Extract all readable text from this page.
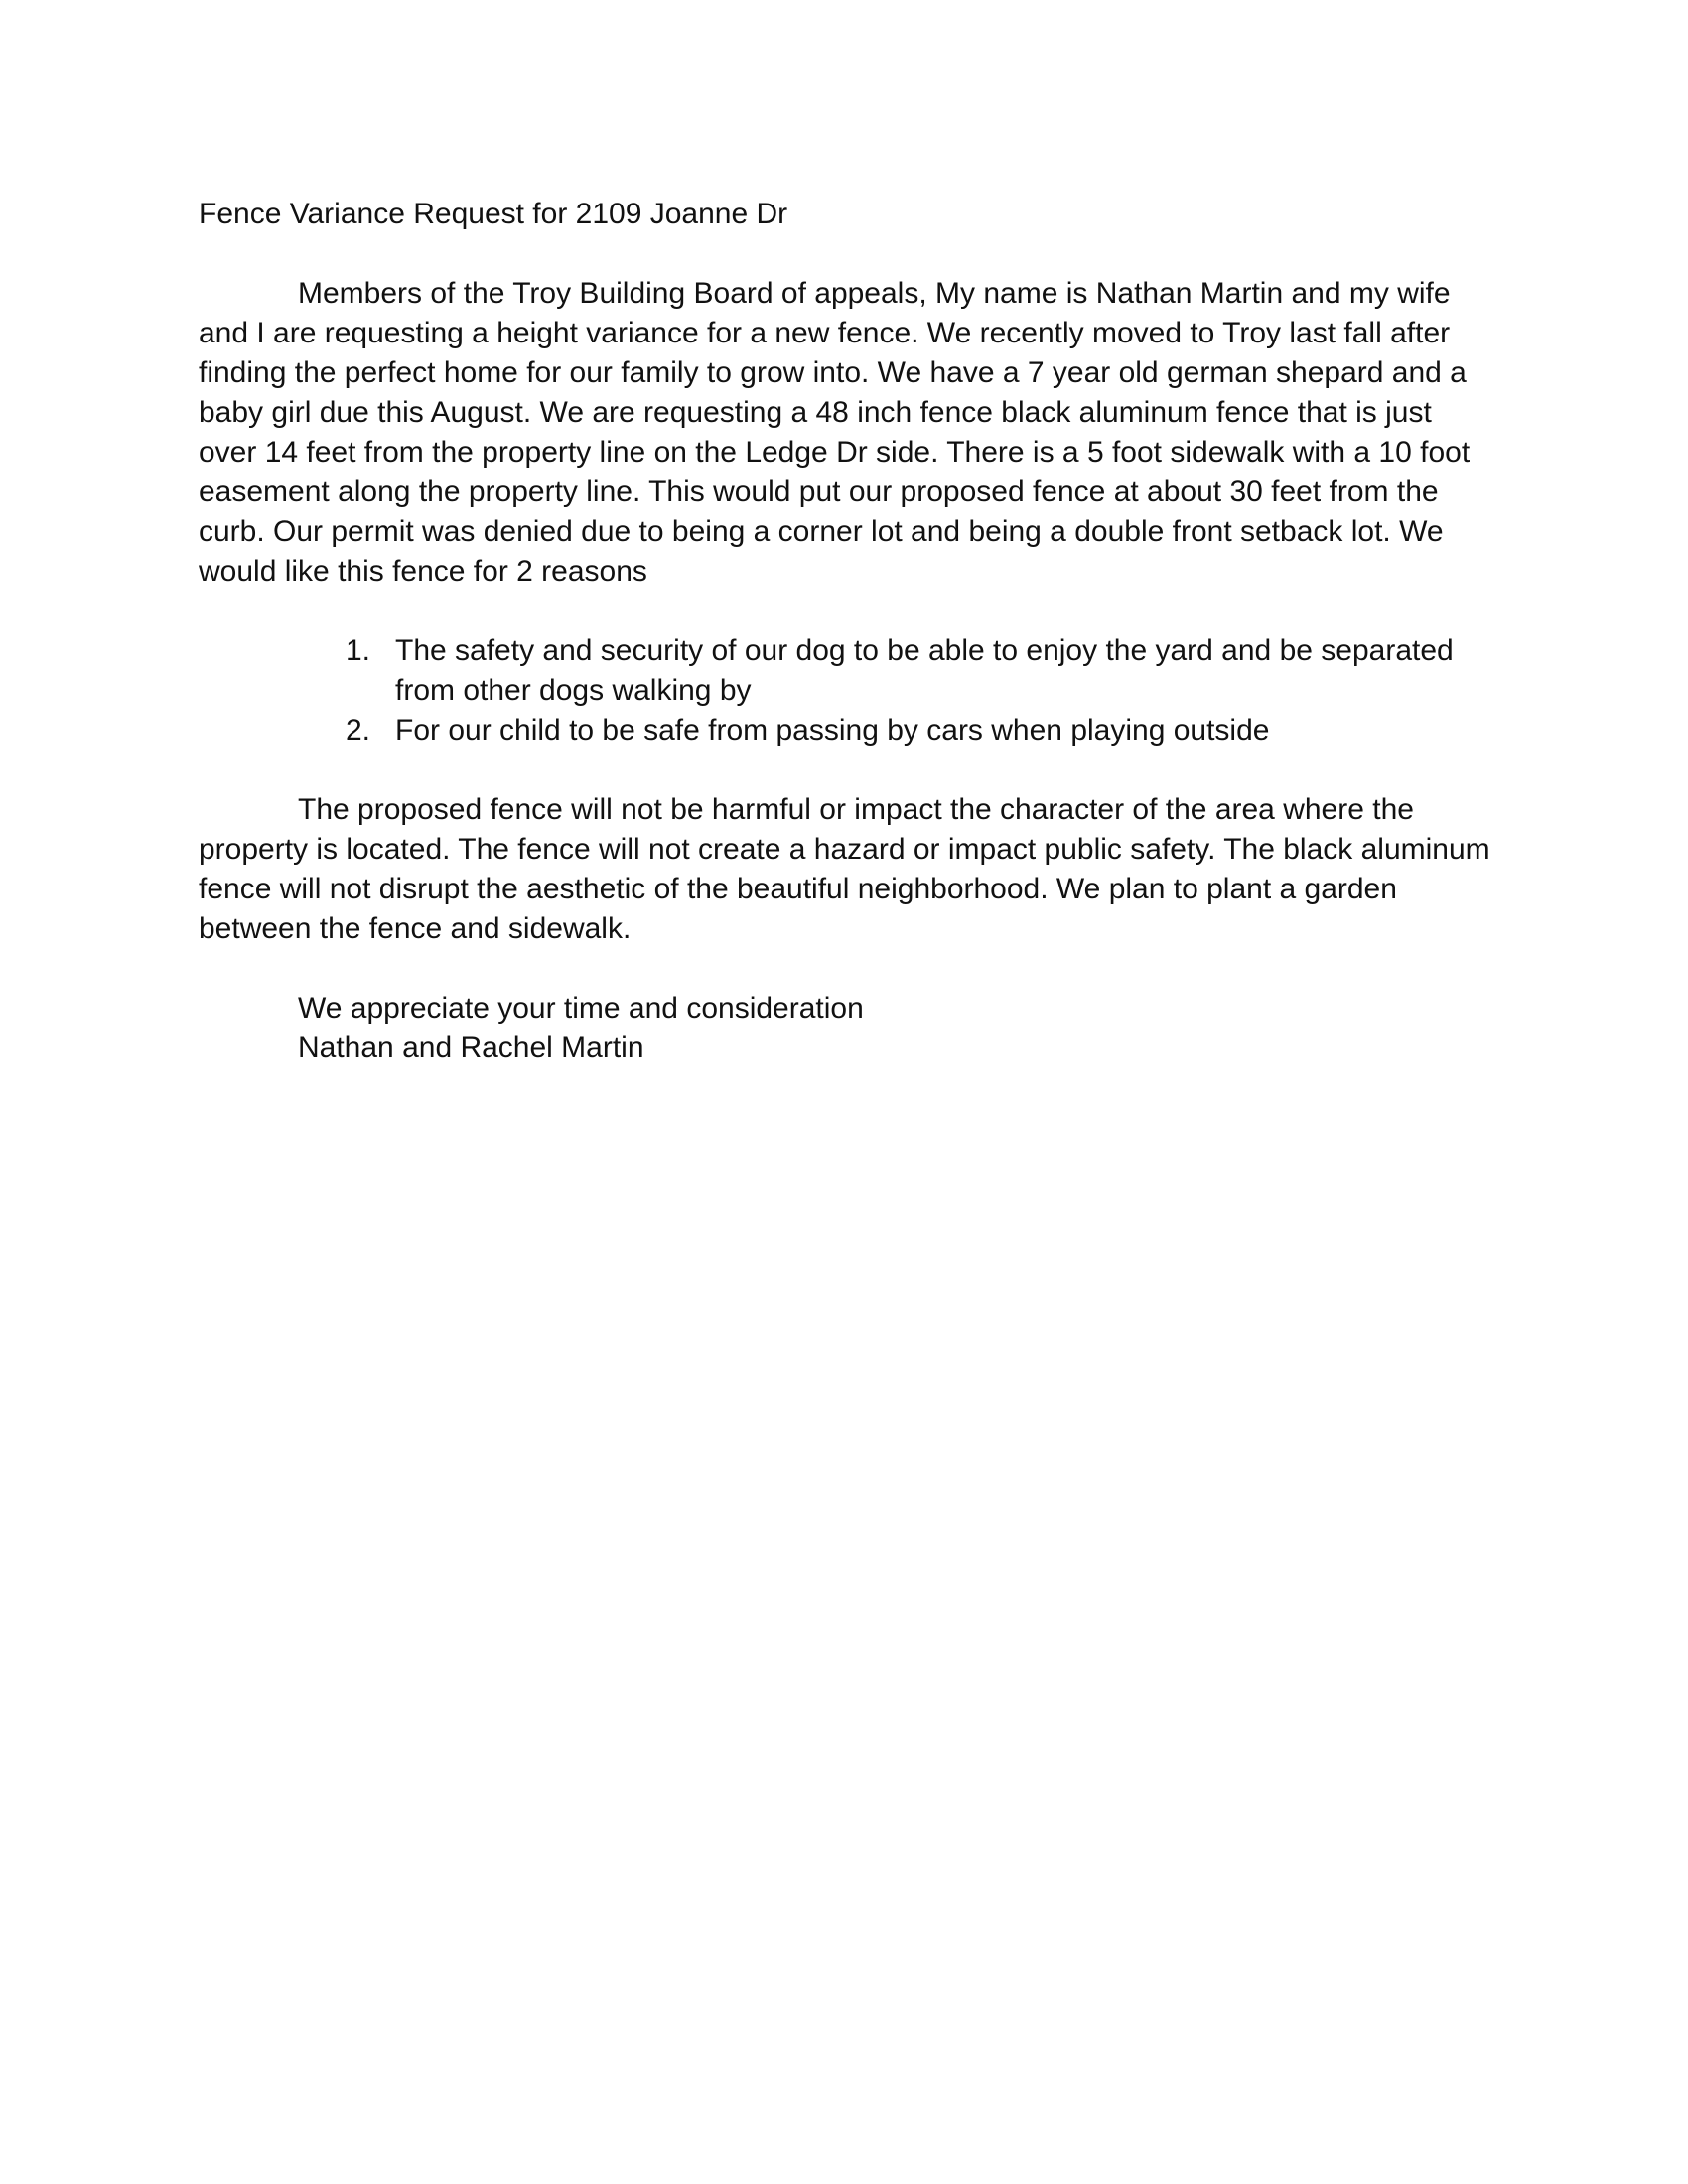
Fence Variance Request for 2109 Joanne Dr

Members of the Troy Building Board of appeals, My name is Nathan Martin and my wife and I are requesting a height variance for a new fence. We recently moved to Troy last fall after finding the perfect home for our family to grow into. We have a 7 year old german shepard and a baby girl due this August. We are requesting a 48 inch fence black aluminum fence that is just over 14 feet from the property line on the Ledge Dr side. There is a 5 foot sidewalk with a 10 foot easement along the property line. This would put our proposed fence at about 30 feet from the curb. Our permit was denied due to being a corner lot and being a double front setback lot. We would like this fence for 2 reasons

1. The safety and security of our dog to be able to enjoy the yard and be separated from other dogs walking by
2. For our child to be safe from passing by cars when playing outside

The proposed fence will not be harmful or impact the character of the area where the property is located. The fence will not create a hazard or impact public safety. The black aluminum fence will not disrupt the aesthetic of the beautiful neighborhood. We plan to plant a garden between the fence and sidewalk.

We appreciate your time and consideration
Nathan and Rachel Martin
